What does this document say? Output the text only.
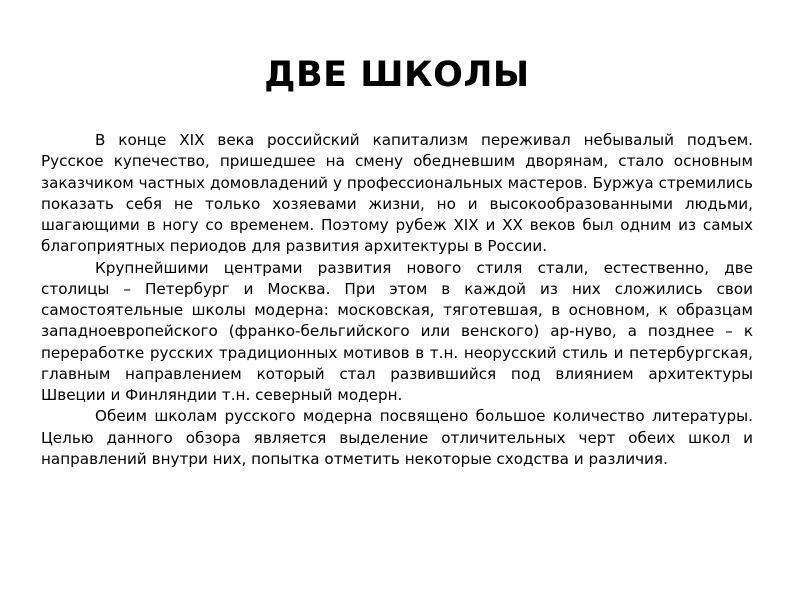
ДВЕ ШКОЛЫ

В конце XIX века российский капитализм переживал небывалый подъем. Русское купечество, пришедшее на смену обедневшим дворянам, стало основным заказчиком частных домовладений у профессиональных мастеров. Буржуа стремились показать себя не только хозяевами жизни, но и высокообразованными людьми, шагающими в ногу со временем. Поэтому рубеж XIX и XX веков был одним из самых благоприятных периодов для развития архитектуры в России.

Крупнейшими центрами развития нового стиля стали, естественно, две столицы – Петербург и Москва. При этом в каждой из них сложились свои самостоятельные школы модерна: московская, тяготевшая, в основном, к образцам западноевропейского (франко-бельгийского или венского) ар-нуво, а позднее – к переработке русских традиционных мотивов в т.н. неорусский стиль и петербургская, главным направлением который стал развившийся под влиянием архитектуры Швеции и Финляндии т.н. северный модерн.

Обеим школам русского модерна посвящено большое количество литературы. Целью данного обзора является выделение отличительных черт обеих школ и направлений внутри них, попытка отметить некоторые сходства и различия.
